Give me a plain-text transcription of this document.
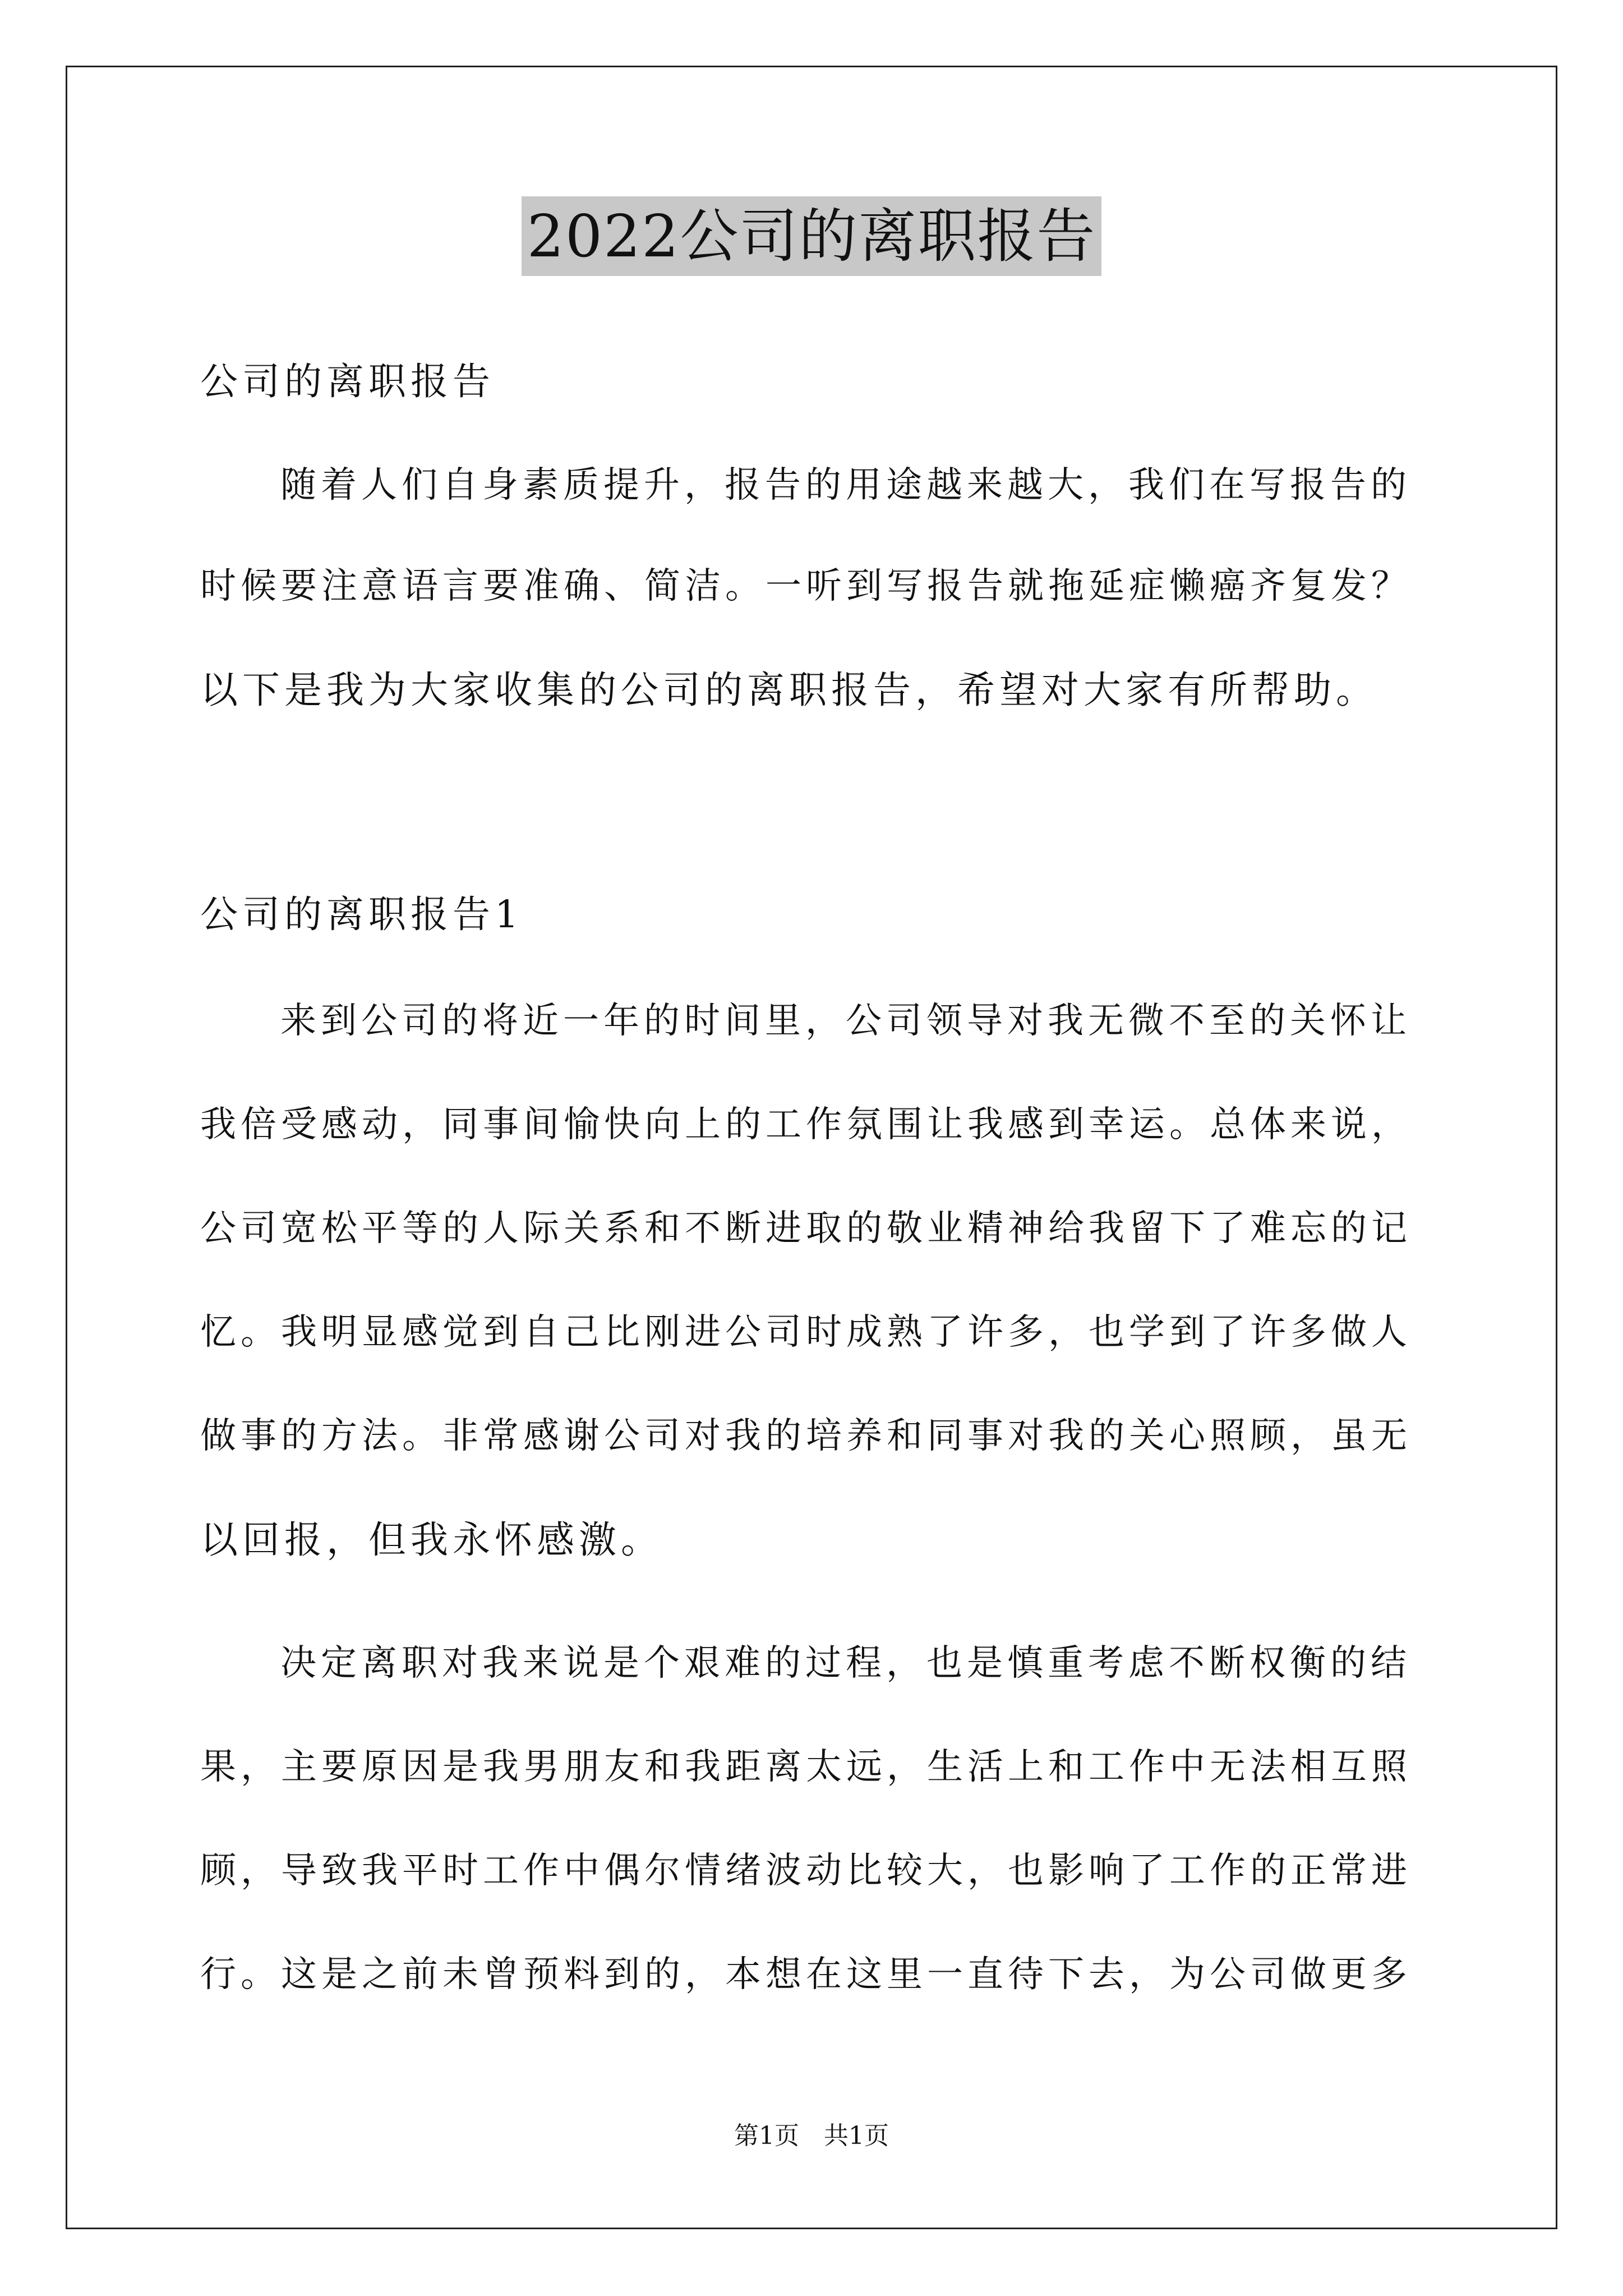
2022公司的离职报告
公司的离职报告
随着人们自身素质提升，报告的用途越来越大，我们在写报告的
时候要注意语言要准确、简洁。一听到写报告就拖延症懒癌齐复发？
以下是我为大家收集的公司的离职报告，希望对大家有所帮助。
公司的离职报告1
来到公司的将近一年的时间里，公司领导对我无微不至的关怀让
我倍受感动，同事间愉快向上的工作氛围让我感到幸运。总体来说，
公司宽松平等的人际关系和不断进取的敬业精神给我留下了难忘的记
忆。我明显感觉到自己比刚进公司时成熟了许多，也学到了许多做人
做事的方法。非常感谢公司对我的培养和同事对我的关心照顾，虽无
以回报，但我永怀感激。
决定离职对我来说是个艰难的过程，也是慎重考虑不断权衡的结
果，主要原因是我男朋友和我距离太远，生活上和工作中无法相互照
顾，导致我平时工作中偶尔情绪波动比较大，也影响了工作的正常进
行。这是之前未曾预料到的，本想在这里一直待下去，为公司做更多
第1页　共1页
